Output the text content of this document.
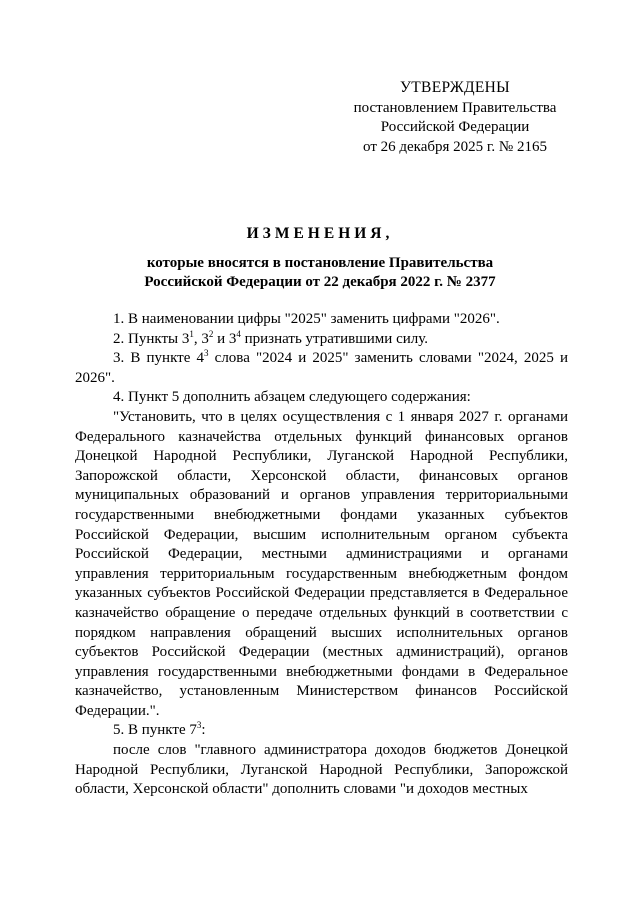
УТВЕРЖДЕНЫ
постановлением Правительства
Российской Федерации
от 26 декабря 2025 г. № 2165
ИЗМЕНЕНИЯ,
которые вносятся в постановление Правительства
Российской Федерации от 22 декабря 2022 г. № 2377

1. В наименовании цифры "2025" заменить цифрами "2026".

2. Пункты $3^1$, $3^2$ и $3^4$ признать утратившими силу.

3. В пункте $4^3$ слова "2024 и 2025" заменить словами "2024, 2025 и 2026".

4. Пункт 5 дополнить абзацем следующего содержания:

"Установить, что в целях осуществления с 1 января 2027 г. органами Федерального казначейства отдельных функций финансовых органов Донецкой Народной Республики, Луганской Народной Республики, Запорожской области, Херсонской области, финансовых органов муниципальных образований и органов управления территориальными государственными внебюджетными фондами указанных субъектов Российской Федерации, высшим исполнительным органом субъекта Российской Федерации, местными администрациями и органами управления территориальным государственным внебюджетным фондом указанных субъектов Российской Федерации представляется в Федеральное казначейство обращение о передаче отдельных функций в соответствии с порядком направления обращений высших исполнительных органов субъектов Российской Федерации (местных администраций), органов управления государственными внебюджетными фондами в Федеральное казначейство, установленным Министерством финансов Российской Федерации.".

5. В пункте $7^3$:

после слов "главного администратора доходов бюджетов Донецкой Народной Республики, Луганской Народной Республики, Запорожской области, Херсонской области" дополнить словами "и доходов местных
